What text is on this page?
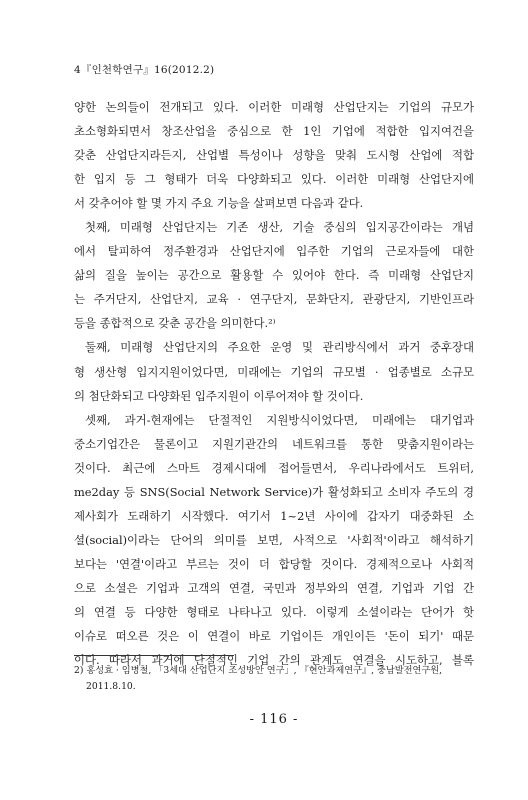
4『인천학연구』16(2012.2)
양한 논의들이 전개되고 있다. 이러한 미래형 산업단지는 기업의 규모가
초소형화되면서 창조산업을 중심으로 한 1인 기업에 적합한 입지여건을
갖춘 산업단지라든지, 산업별 특성이나 성향을 맞춰 도시형 산업에 적합
한 입지 등 그 형태가 더욱 다양화되고 있다. 이러한 미래형 산업단지에
서 갖추어야 할 몇 가지 주요 기능을 살펴보면 다음과 같다.
첫째, 미래형 산업단지는 기존 생산, 기술 중심의 입지공간이라는 개념
에서 탈피하여 정주환경과 산업단지에 입주한 기업의 근로자들에 대한
삶의 질을 높이는 공간으로 활용할 수 있어야 한다. 즉 미래형 산업단지
는 주거단지, 산업단지, 교육 · 연구단지, 문화단지, 관광단지, 기반인프라
등을 종합적으로 갖춘 공간을 의미한다.²⁾
둘째, 미래형 산업단지의 주요한 운영 및 관리방식에서 과거 중후장대
형 생산형 입지지원이었다면, 미래에는 기업의 규모별 · 업종별로 소규모
의 첨단화되고 다양화된 입주지원이 이루어져야 할 것이다.
셋째, 과거-현재에는 단절적인 지원방식이었다면, 미래에는 대기업과
중소기업간은 물론이고 지원기관간의 네트워크를 통한 맞춤지원이라는
것이다. 최근에 스마트 경제시대에 접어들면서, 우리나라에서도 트위터,
me2day 등 SNS(Social Network Service)가 활성화되고 소비자 주도의 경
제사회가 도래하기 시작했다. 여기서 1~2년 사이에 갑자기 대중화된 소
셜(social)이라는 단어의 의미를 보면, 사적으로 '사회적'이라고 해석하기
보다는 '연결'이라고 부르는 것이 더 합당할 것이다. 경제적으로나 사회적
으로 소셜은 기업과 고객의 연결, 국민과 정부와의 연결, 기업과 기업 간
의 연결 등 다양한 형태로 나타나고 있다. 이렇게 소셜이라는 단어가 핫
이슈로 떠오른 것은 이 연결이 바로 기업이든 개인이든 '돈이 되기' 때문
이다. 따라서 과거에 단절적인 기업 간의 관계도 연결을 시도하고, 블록
2) 홍성효 · 임병철, 「3세대 산업단지 조성방안 연구」, 『현안과제연구』, 충남발전연구원,
2011.8.10.
- 116 -
